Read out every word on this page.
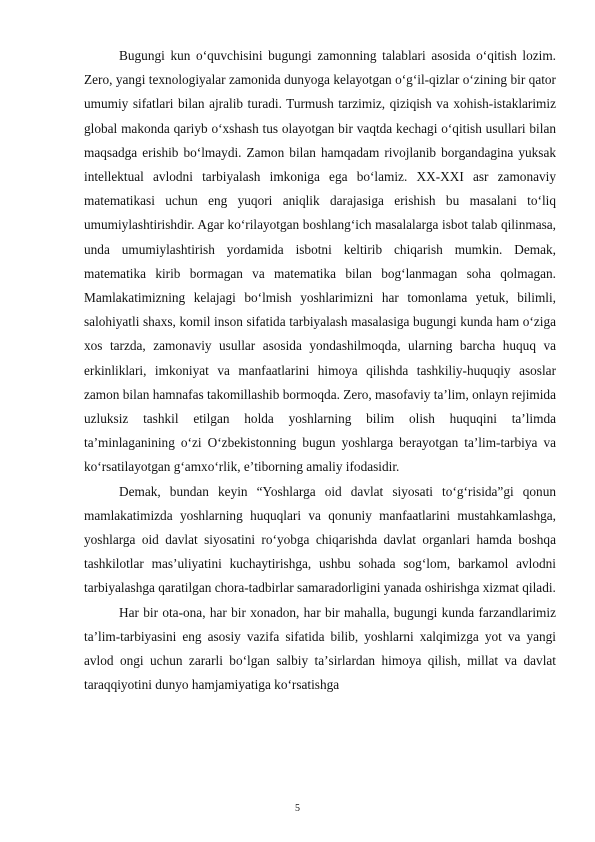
Bugungi kun o‘quvchisini bugungi zamonning talablari asosida o‘qitish lozim. Zero, yangi texnologiyalar zamonida dunyoga kelayotgan o‘g‘il-qizlar o‘zining bir qator umumiy sifatlari bilan ajralib turadi. Turmush tarzimiz, qiziqish va xohish-istaklarimiz global makonda qariyb o‘xshash tus olayotgan bir vaqtda kechagi o‘qitish usullari bilan maqsadga erishib bo‘lmaydi. Zamon bilan hamqadam rivojlanib borgandagina yuksak intellektual avlodni tarbiyalash imkoniga ega bo‘lamiz. XX-XXI asr zamonaviy matematikasi uchun eng yuqori aniqlik darajasiga erishish bu masalani to‘liq umumiylashtirishdir. Agar ko‘rilayotgan boshlang‘ich masalalarga isbot talab qilinmasa, unda umumiylashtirish yordamida isbotni keltirib chiqarish mumkin. Demak, matematika kirib bormagan va matematika bilan bog‘lanmagan soha qolmagan. Mamlakatimizning kelajagi bo‘lmish yoshlarimizni har tomonlama yetuk, bilimli, salohiyatli shaxs, komil inson sifatida tarbiyalash masalasiga bugungi kunda ham o‘ziga xos tarzda, zamonaviy usullar asosida yondashilmoqda, ularning barcha huquq va erkinliklari, imkoniyat va manfaatlarini himoya qilishda tashkiliy-huquqiy asoslar zamon bilan hamnafas takomillashib bormoqda. Zero, masofaviy taʼlim, onlayn rejimida uzluksiz tashkil etilgan holda yoshlarning bilim olish huquqini taʼlimda taʼminlaganining o‘zi O‘zbekistonning bugun yoshlarga berayotgan taʼlim-tarbiya va ko‘rsatilayotgan g‘amxo‘rlik, eʼtiborning amaliy ifodasidir.

Demak, bundan keyin “Yoshlarga oid davlat siyosati to‘g‘risida”gi qonun mamlakatimizda yoshlarning huquqlari va qonuniy manfaatlarini mustahkamlashga, yoshlarga oid davlat siyosatini ro‘yobga chiqarishda davlat organlari hamda boshqa tashkilotlar masʼuliyatini kuchaytirishga, ushbu sohada sog‘lom, barkamol avlodni tarbiyalashga qaratilgan chora-tadbirlar samaradorligini yanada oshirishga xizmat qiladi.

Har bir ota-ona, har bir xonadon, har bir mahalla, bugungi kunda farzandlarimiz taʼlim-tarbiyasini eng asosiy vazifa sifatida bilib, yoshlarni xalqimizga yot va yangi avlod ongi uchun zararli bo‘lgan salbiy taʼsirlardan himoya qilish, millat va davlat taraqqiyotini dunyo hamjamiyatiga ko‘rsatishga

5
